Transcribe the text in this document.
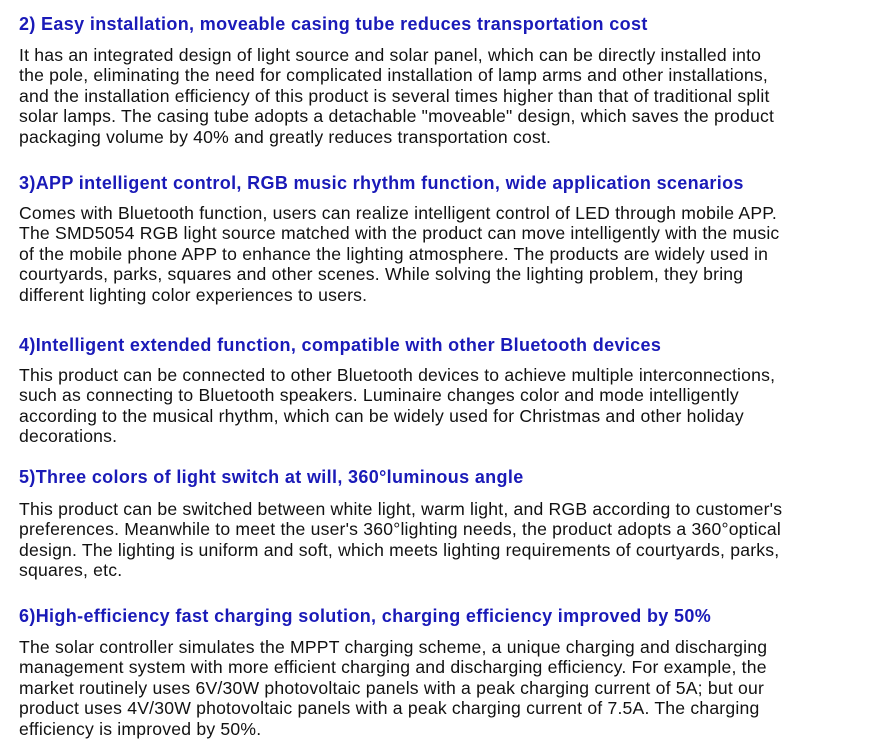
2) Easy installation, moveable casing tube reduces transportation cost

It has an integrated design of light source and solar panel, which can be directly installed into
the pole, eliminating the need for complicated installation of lamp arms and other installations,
and the installation efficiency of this product is several times higher than that of traditional split
solar lamps. The casing tube adopts a detachable "moveable" design, which saves the product
packaging volume by 40% and greatly reduces transportation cost.

3)APP intelligent control, RGB music rhythm function, wide application scenarios

Comes with Bluetooth function, users can realize intelligent control of LED through mobile APP.
The SMD5054 RGB light source matched with the product can move intelligently with the music
of the mobile phone APP to enhance the lighting atmosphere. The products are widely used in
courtyards, parks, squares and other scenes. While solving the lighting problem, they bring
different lighting color experiences to users.

4)Intelligent extended function, compatible with other Bluetooth devices

This product can be connected to other Bluetooth devices to achieve multiple interconnections,
such as connecting to Bluetooth speakers. Luminaire changes color and mode intelligently
according to the musical rhythm, which can be widely used for Christmas and other holiday
decorations.

5)Three colors of light switch at will, 360°luminous angle

This product can be switched between white light, warm light, and RGB according to customer's
preferences. Meanwhile to meet the user's 360°lighting needs, the product adopts a 360°optical
design. The lighting is uniform and soft, which meets lighting requirements of courtyards, parks,
squares, etc.

6)High-efficiency fast charging solution, charging efficiency improved by 50%

The solar controller simulates the MPPT charging scheme, a unique charging and discharging
management system with more efficient charging and discharging efficiency. For example, the
market routinely uses 6V/30W photovoltaic panels with a peak charging current of 5A; but our
product uses 4V/30W photovoltaic panels with a peak charging current of 7.5A. The charging
efficiency is improved by 50%.
